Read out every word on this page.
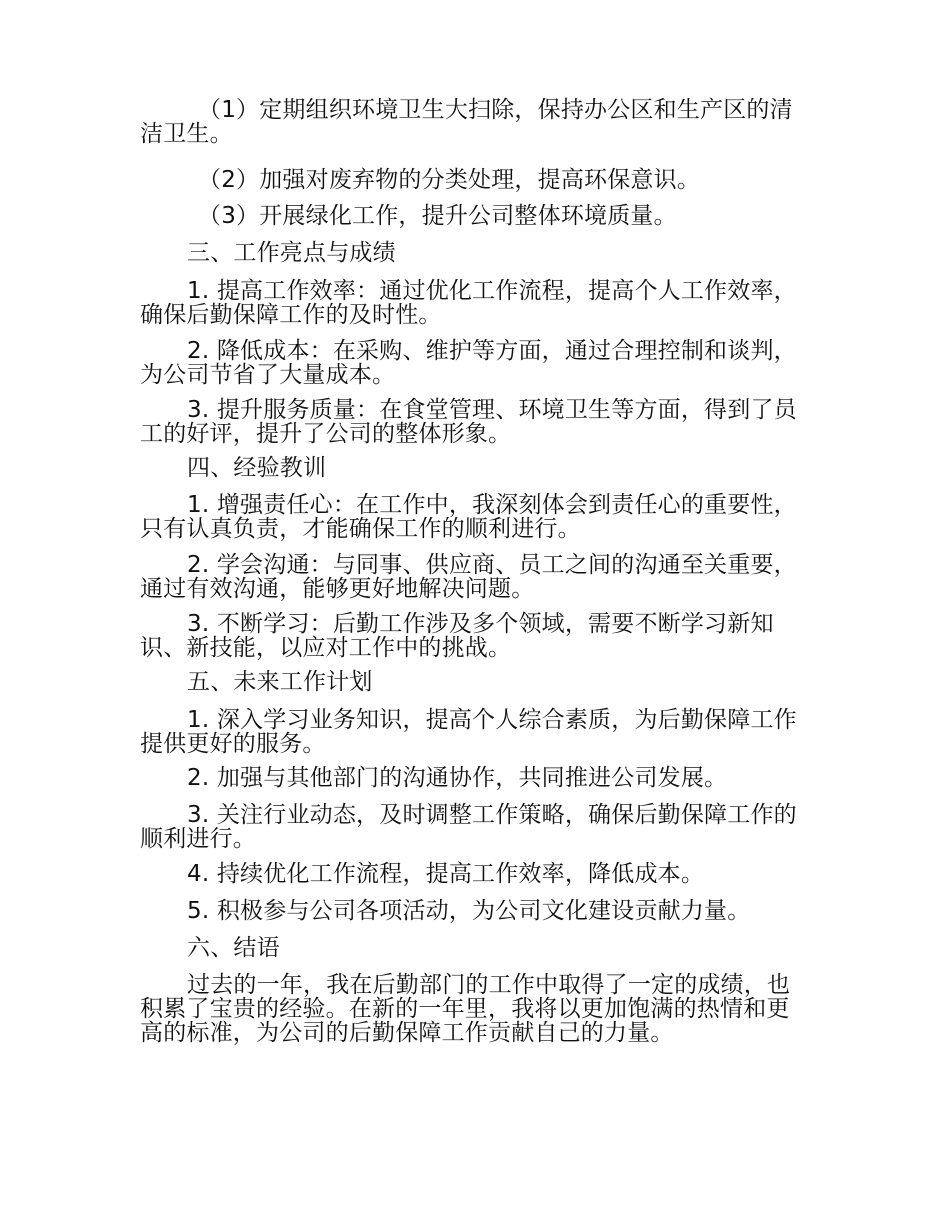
（1）定期组织环境卫生大扫除，保持办公区和生产区的清洁卫生。

（2）加强对废弃物的分类处理，提高环保意识。

（3）开展绿化工作，提升公司整体环境质量。

三、工作亮点与成绩

1. 提高工作效率：通过优化工作流程，提高个人工作效率，确保后勤保障工作的及时性。

2. 降低成本：在采购、维护等方面，通过合理控制和谈判，为公司节省了大量成本。

3. 提升服务质量：在食堂管理、环境卫生等方面，得到了员工的好评，提升了公司的整体形象。

四、经验教训

1. 增强责任心：在工作中，我深刻体会到责任心的重要性，只有认真负责，才能确保工作的顺利进行。

2. 学会沟通：与同事、供应商、员工之间的沟通至关重要，通过有效沟通，能够更好地解决问题。

3. 不断学习：后勤工作涉及多个领域，需要不断学习新知识、新技能，以应对工作中的挑战。

五、未来工作计划

1. 深入学习业务知识，提高个人综合素质，为后勤保障工作提供更好的服务。

2. 加强与其他部门的沟通协作，共同推进公司发展。

3. 关注行业动态，及时调整工作策略，确保后勤保障工作的顺利进行。

4. 持续优化工作流程，提高工作效率，降低成本。

5. 积极参与公司各项活动，为公司文化建设贡献力量。

六、结语

过去的一年，我在后勤部门的工作中取得了一定的成绩，也积累了宝贵的经验。在新的一年里，我将以更加饱满的热情和更高的标准，为公司的后勤保障工作贡献自己的力量。
